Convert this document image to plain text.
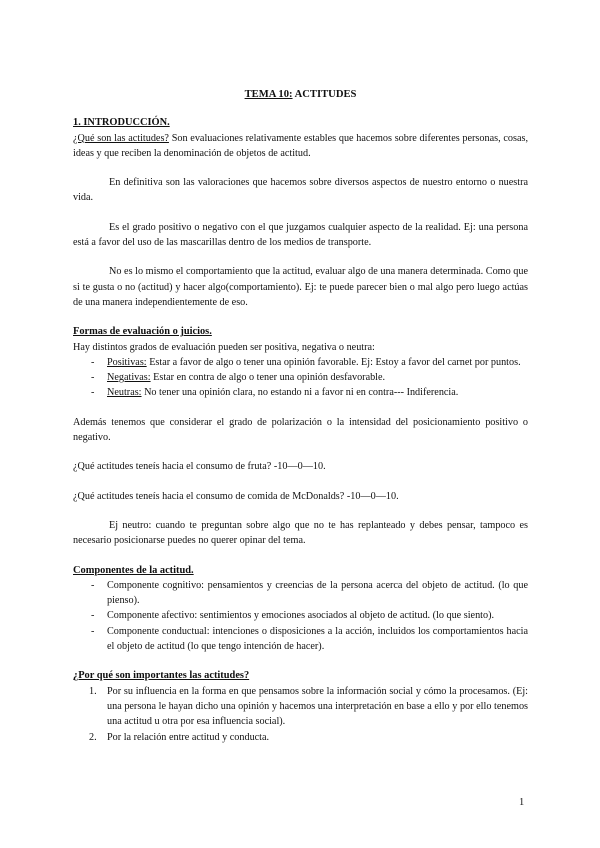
TEMA 10: ACTITUDES
1. INTRODUCCIÓN.

¿Qué son las actitudes? Son evaluaciones relativamente estables que hacemos sobre diferentes personas, cosas, ideas y que reciben la denominación de objetos de actitud.

En definitiva son las valoraciones que hacemos sobre diversos aspectos de nuestro entorno o nuestra vida.

Es el grado positivo o negativo con el que juzgamos cualquier aspecto de la realidad. Ej: una persona está a favor del uso de las mascarillas dentro de los medios de transporte.

No es lo mismo el comportamiento que la actitud, evaluar algo de una manera determinada. Como que si te gusta o no (actitud) y hacer algo(comportamiento). Ej: te puede parecer bien o mal algo pero luego actúas de una manera independientemente de eso.

Formas de evaluación o juicios.

Hay distintos grados de evaluación pueden ser positiva, negativa o neutra:

- Positivas: Estar a favor de algo o tener una opinión favorable. Ej: Estoy a favor del carnet por puntos.
- Negativas: Estar en contra de algo o tener una opinión desfavorable.
- Neutras: No tener una opinión clara, no estando ni a favor ni en contra--- Indiferencia.

Además tenemos que considerar el grado de polarización o la intensidad del posicionamiento positivo o negativo.

¿Qué actitudes teneís hacia el consumo de fruta? -10—0—10.

¿Qué actitudes teneís hacia el consumo de comida de McDonalds? -10—0—10.

Ej neutro: cuando te preguntan sobre algo que no te has replanteado y debes pensar, tampoco es necesario posicionarse puedes no querer opinar del tema.

Componentes de la actitud.
- Componente cognitivo: pensamientos y creencias de la persona acerca del objeto de actitud. (lo que pienso).
- Componente afectivo: sentimientos y emociones asociados al objeto de actitud. (lo que siento).
- Componente conductual: intenciones o disposiciones a la acción, incluidos los comportamientos hacia el objeto de actitud (lo que tengo intención de hacer).
¿Por qué son importantes las actitudes?
1. Por su influencia en la forma en que pensamos sobre la información social y cómo la procesamos. (Ej: una persona le hayan dicho una opinión y hacemos una interpretación en base a ello y por ello tenemos una actitud u otra por esa influencia social).
2. Por la relación entre actitud y conducta.
1
